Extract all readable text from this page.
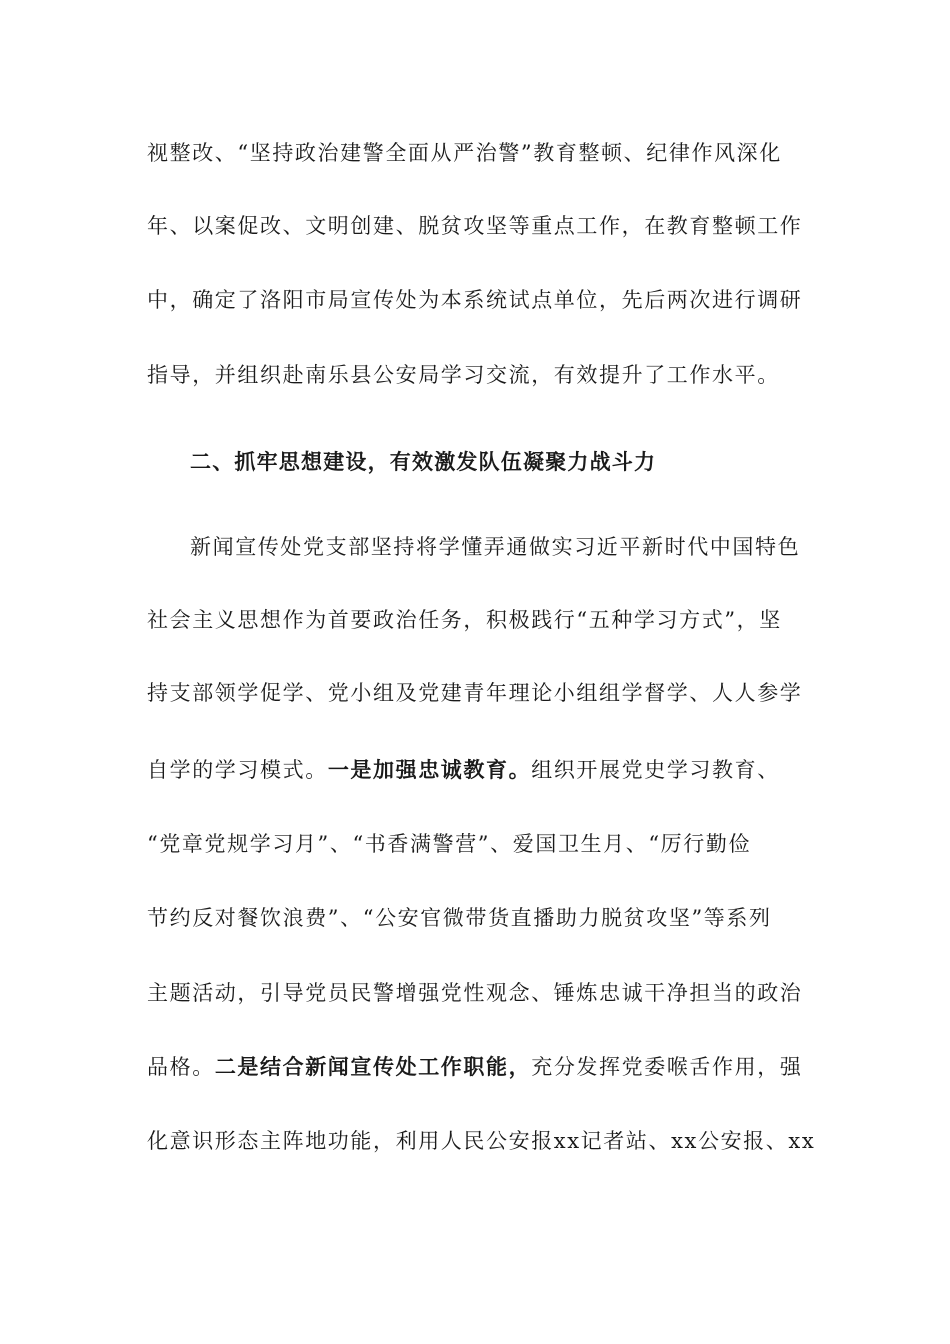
视整改、“坚持政治建警全面从严治警”教育整顿、纪律作风深化
年、以案促改、文明创建、脱贫攻坚等重点工作，在教育整顿工作
中，确定了洛阳市局宣传处为本系统试点单位，先后两次进行调研
指导，并组织赴南乐县公安局学习交流，有效提升了工作水平。
二、抓牢思想建设，有效激发队伍凝聚力战斗力
新闻宣传处党支部坚持将学懂弄通做实习近平新时代中国特色
社会主义思想作为首要政治任务，积极践行“五种学习方式”，坚
持支部领学促学、党小组及党建青年理论小组组学督学、人人参学
自学的学习模式。一是加强忠诚教育。组织开展党史学习教育、
“党章党规学习月”、“书香满警营”、爱国卫生月、“厉行勤俭
节约反对餐饮浪费”、“公安官微带货直播助力脱贫攻坚”等系列
主题活动，引导党员民警增强党性观念、锤炼忠诚干净担当的政治
品格。二是结合新闻宣传处工作职能，充分发挥党委喉舌作用，强
化意识形态主阵地功能，利用人民公安报xx记者站、xx公安报、xx
